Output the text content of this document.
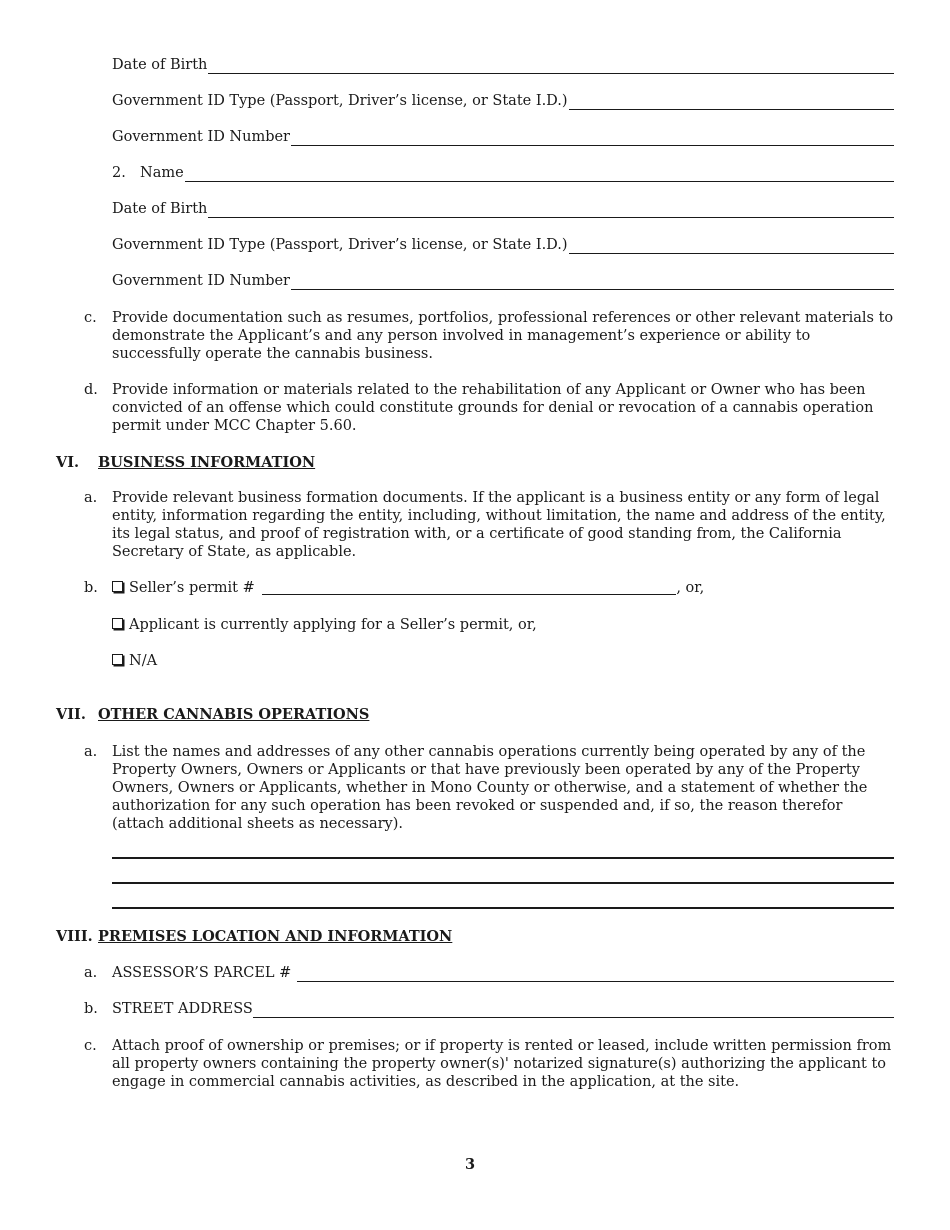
Date of Birth
Government ID Type (Passport, Driver’s license, or State I.D.)
Government ID Number
2. Name
Date of Birth
Government ID Type (Passport, Driver’s license, or State I.D.)
Government ID Number
c.	Provide documentation such as resumes, portfolios, professional references or other relevant materials to demonstrate the Applicant’s and any person involved in management’s experience or ability to successfully operate the cannabis business.
d. Provide information or materials related to the rehabilitation of any Applicant or Owner who has been convicted of an offense which could constitute grounds for denial or revocation of a cannabis operation permit under MCC Chapter 5.60.
VI.	BUSINESS INFORMATION
a.	Provide relevant business formation documents. If the applicant is a business entity or any form of legal entity, information regarding the entity, including, without limitation, the name and address of the entity, its legal status, and proof of registration with, or a certificate of good standing from, the California Secretary of State, as applicable.
b.	Seller’s permit #	, or,
Applicant is currently applying for a Seller’s permit, or,
N/A
VII. OTHER CANNABIS OPERATIONS
a.	List the names and addresses of any other cannabis operations currently being operated by any of the Property Owners, Owners or Applicants or that have previously been operated by any of the Property Owners, Owners or Applicants, whether in Mono County or otherwise, and a statement of whether the authorization for any such operation has been revoked or suspended and, if so, the reason therefor (attach additional sheets as necessary).
VIII. PREMISES LOCATION AND INFORMATION
a.	ASSESSOR’S PARCEL #
b. STREET ADDRESS
c.	Attach proof of ownership or premises; or if property is rented or leased, include written permission from all property owners containing the property owner(s)' notarized signature(s) authorizing the applicant to engage in commercial cannabis activities, as described in the application, at the site.
3
